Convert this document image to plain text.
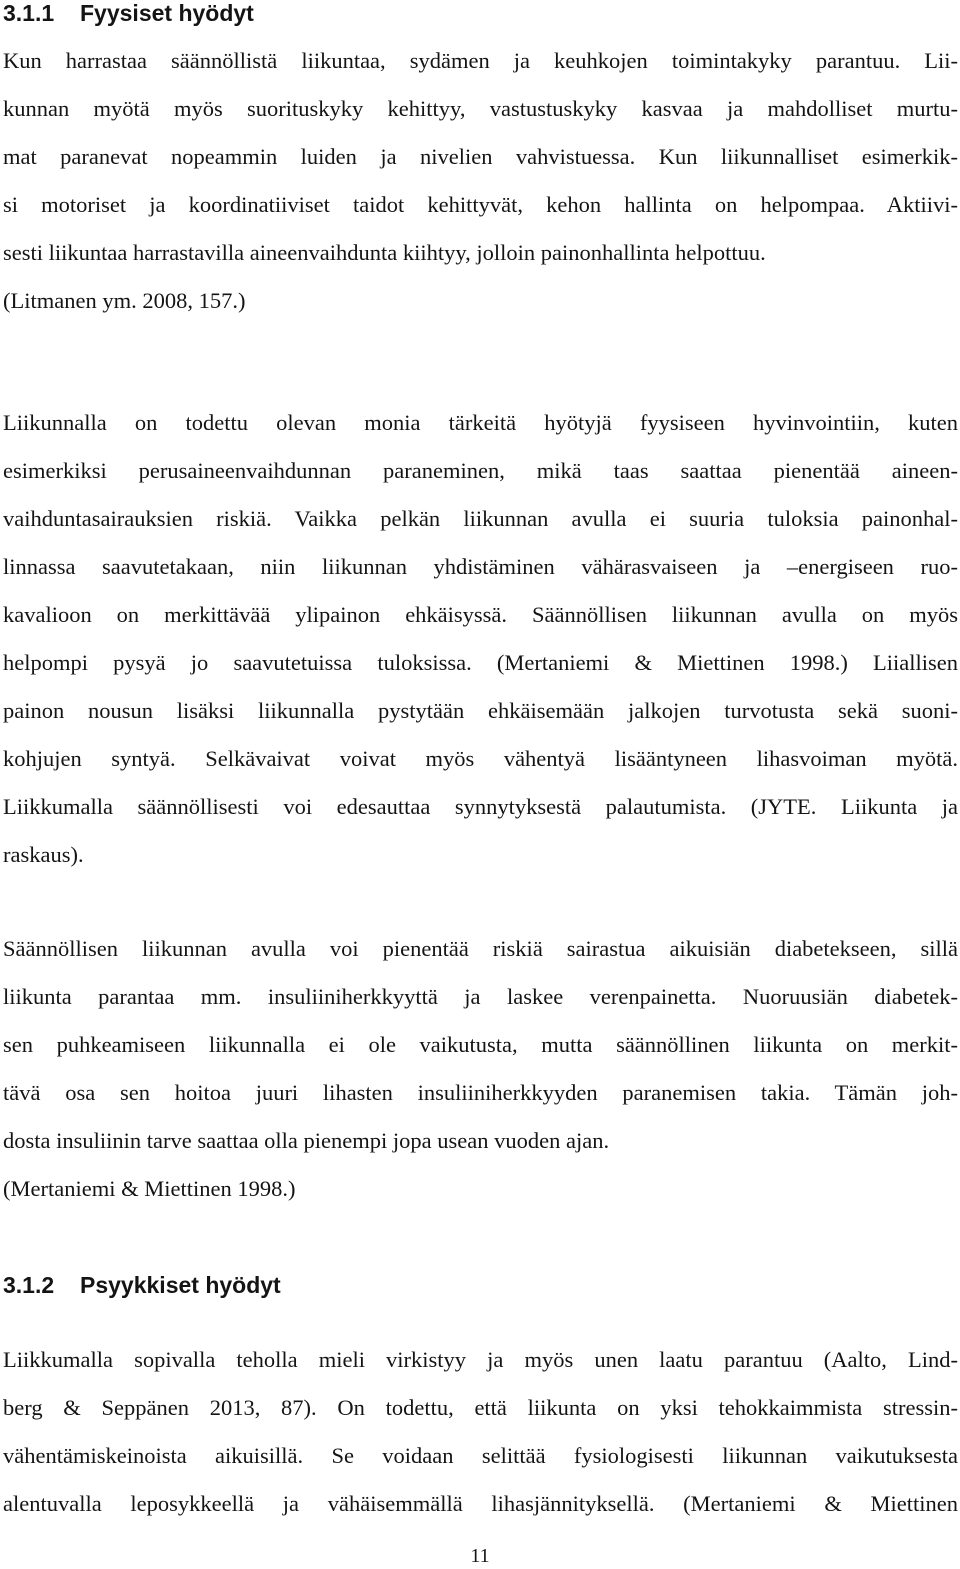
3.1.1 Fyysiset hyödyt
Kun harrastaa säännöllistä liikuntaa, sydämen ja keuhkojen toimintakyky parantuu. Lii-
kunnan myötä myös suorituskyky kehittyy, vastustuskyky kasvaa ja mahdolliset murtu-
mat paranevat nopeammin luiden ja nivelien vahvistuessa. Kun liikunnalliset esimerkik-
si motoriset ja koordinatiiviset taidot kehittyvät, kehon hallinta on helpompaa. Aktiivi-
sesti liikuntaa harrastavilla aineenvaihdunta kiihtyy, jolloin painonhallinta helpottuu.
(Litmanen ym. 2008, 157.)
Liikunnalla on todettu olevan monia tärkeitä hyötyjä fyysiseen hyvinvointiin, kuten
esimerkiksi perusaineenvaihdunnan paraneminen, mikä taas saattaa pienentää aineen-
vaihduntasairauksien riskiä. Vaikka pelkän liikunnan avulla ei suuria tuloksia painonhal-
linnassa saavutetakaan, niin liikunnan yhdistäminen vähärasvaiseen ja –energiseen ruo-
kavalioon on merkittävää ylipainon ehkäisyssä. Säännöllisen liikunnan avulla on myös
helpompi pysyä jo saavutetuissa tuloksissa. (Mertaniemi & Miettinen 1998.) Liiallisen
painon nousun lisäksi liikunnalla pystytään ehkäisemään jalkojen turvotusta sekä suoni-
kohjujen syntyä. Selkävaivat voivat myös vähentyä lisääntyneen lihasvoiman myötä.
Liikkumalla säännöllisesti voi edesauttaa synnytyksestä palautumista. (JYTE. Liikunta ja
raskaus).
Säännöllisen liikunnan avulla voi pienentää riskiä sairastua aikuisiän diabetekseen, sillä
liikunta parantaa mm. insuliiniherkkyyttä ja laskee verenpainetta. Nuoruusiän diabetek-
sen puhkeamiseen liikunnalla ei ole vaikutusta, mutta säännöllinen liikunta on merkit-
tävä osa sen hoitoa juuri lihasten insuliiniherkkyyden paranemisen takia. Tämän joh-
dosta insuliinin tarve saattaa olla pienempi jopa usean vuoden ajan.
(Mertaniemi & Miettinen 1998.)
3.1.2 Psyykkiset hyödyt
Liikkumalla sopivalla teholla mieli virkistyy ja myös unen laatu parantuu (Aalto, Lind-
berg & Seppänen 2013, 87). On todettu, että liikunta on yksi tehokkaimmista stressin-
vähentämiskeinoista aikuisillä. Se voidaan selittää fysiologisesti liikunnan vaikutuksesta
alentuvalla leposykkeellä ja vähäisemmällä lihasjännityksellä. (Mertaniemi & Miettinen
11
